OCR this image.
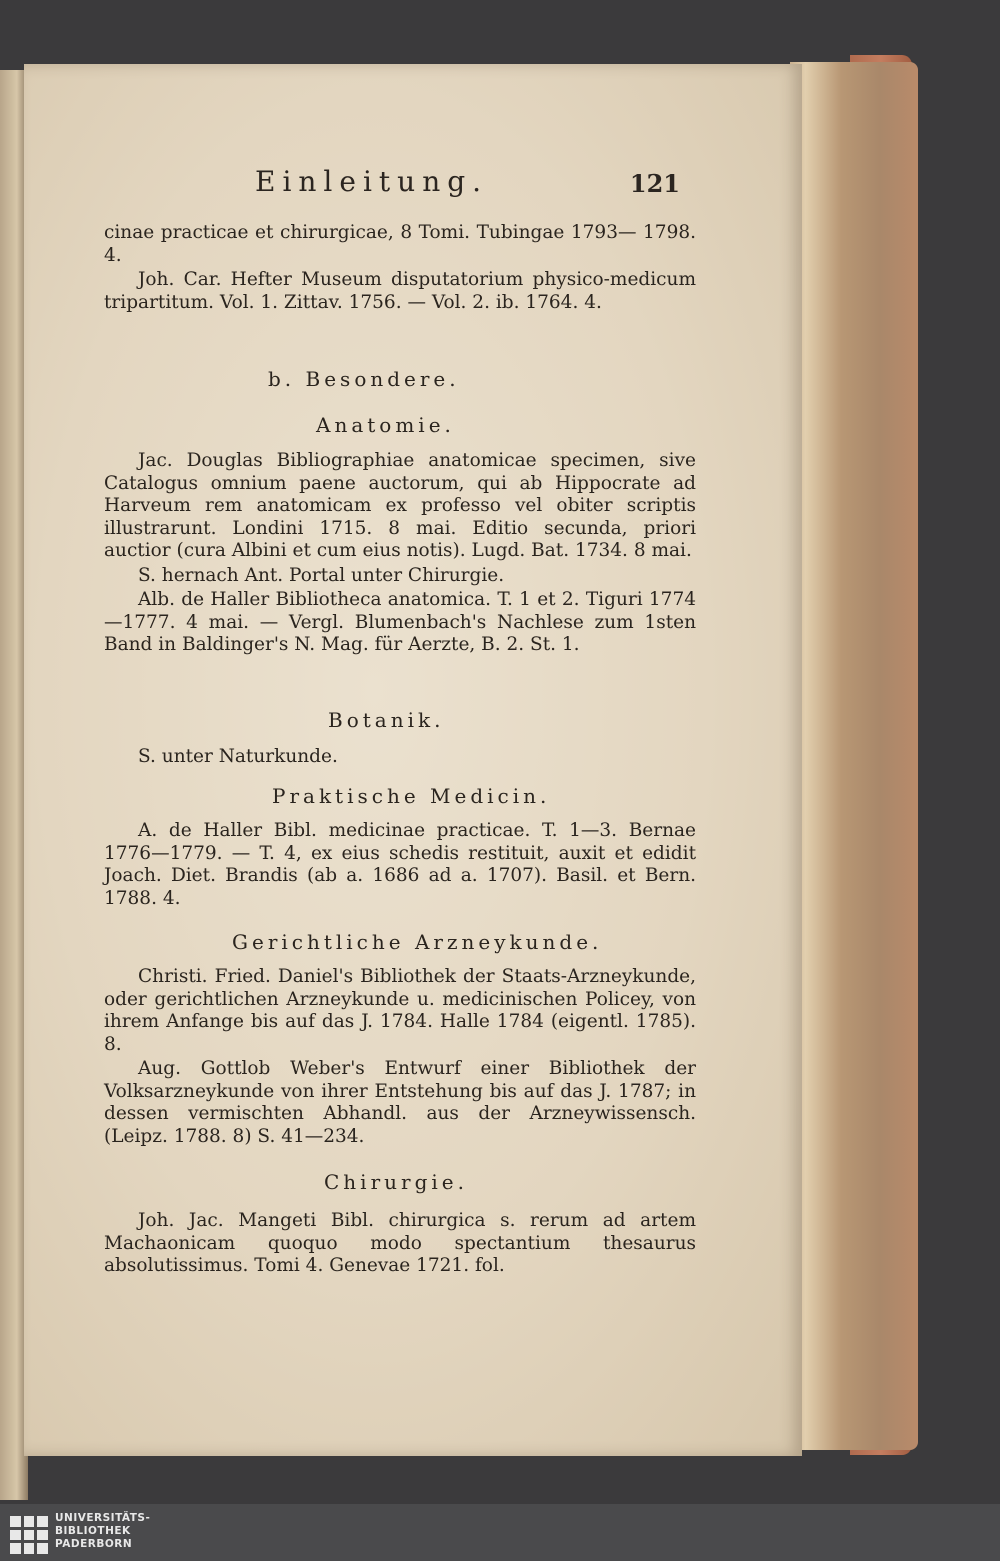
Einleitung.	121

cinae practicae et chirurgicae, 8 Tomi. Tubingae 1793— 1798. 4.

Joh. Car. Hefter Museum disputatorium physico-medicum tripartitum. Vol. 1. Zittav. 1756. — Vol. 2. ib. 1764. 4.

b. Besondere.
Anatomie.

Jac. Douglas Bibliographiae anatomicae specimen, sive Catalogus omnium paene auctorum, qui ab Hippocrate ad Harveum rem anatomicam ex professo vel obiter scriptis illustrarunt. Londini 1715. 8 mai. Editio secunda, priori auctior (cura Albini et cum eius notis). Lugd. Bat. 1734. 8 mai.

S. hernach Ant. Portal unter Chirurgie.

Alb. de Haller Bibliotheca anatomica. T. 1 et 2. Tiguri 1774—1777. 4 mai. — Vergl. Blumenbach's Nachlese zum 1sten Band in Baldinger's N. Mag. für Aerzte, B. 2. St. 1.

Botanik.

S. unter Naturkunde.

Praktische Medicin.

A. de Haller Bibl. medicinae practicae. T. 1—3. Bernae 1776—1779. — T. 4, ex eius schedis restituit, auxit et edidit Joach. Diet. Brandis (ab a. 1686 ad a. 1707). Basil. et Bern. 1788. 4.

Gerichtliche Arzneykunde.

Christi. Fried. Daniel's Bibliothek der Staats-Arzneykunde, oder gerichtlichen Arzneykunde u. medicinischen Policey, von ihrem Anfange bis auf das J. 1784. Halle 1784 (eigentl. 1785). 8.

Aug. Gottlob Weber's Entwurf einer Bibliothek der Volksarzneykunde von ihrer Entstehung bis auf das J. 1787; in dessen vermischten Abhandl. aus der Arzneywissensch. (Leipz. 1788. 8) S. 41—234.

Chirurgie.

Joh. Jac. Mangeti Bibl. chirurgica s. rerum ad artem Machaonicam quoquo modo spectantium thesaurus absolutissimus. Tomi 4. Genevae 1721. fol.

UNIVERSITÄTS-
BIBLIOTHEK
PADERBORN
